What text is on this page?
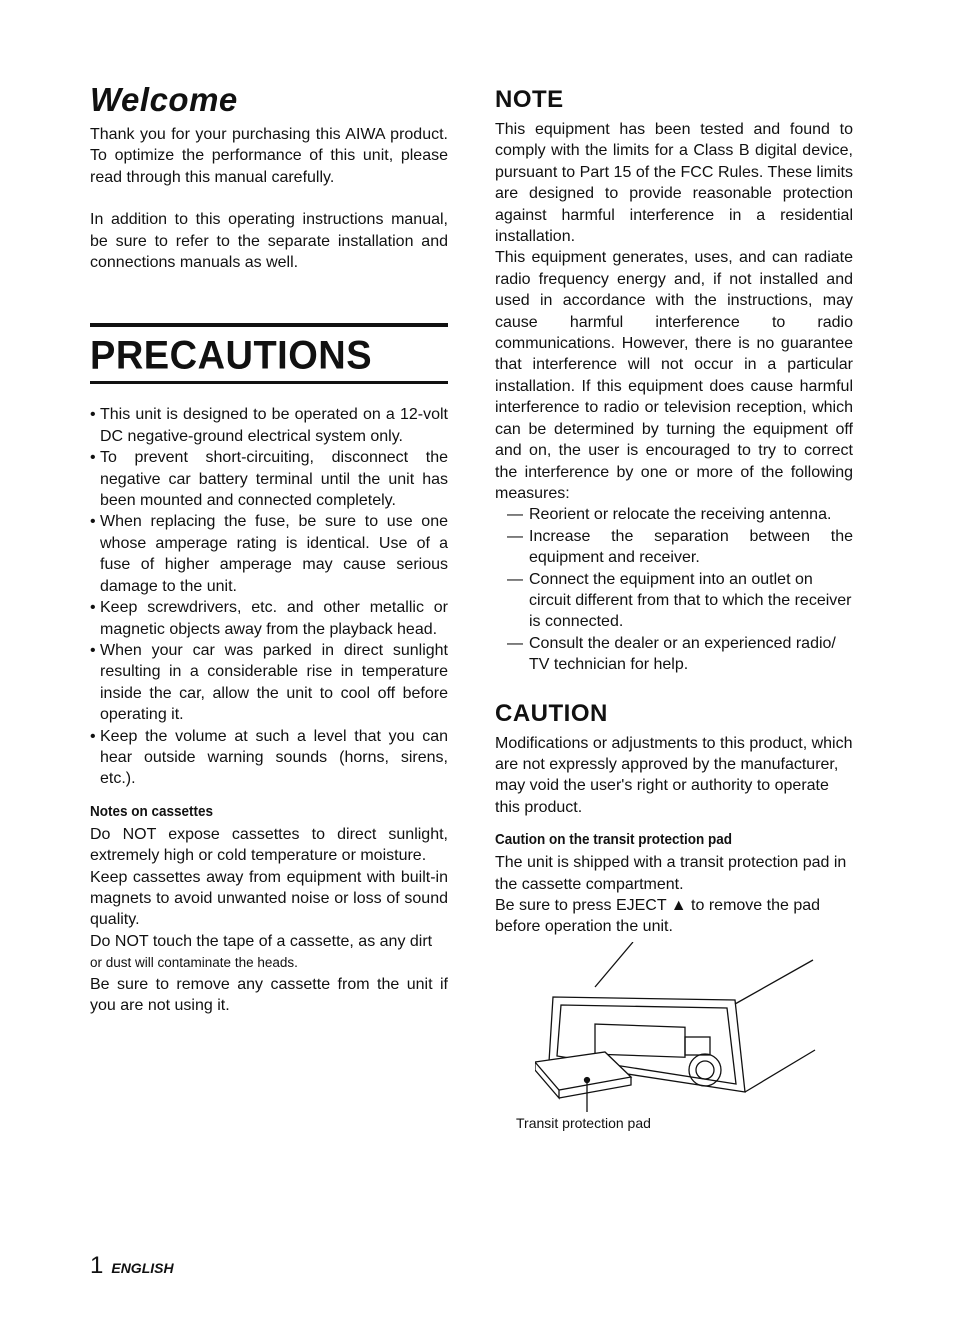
Welcome

Thank you for your purchasing this AIWA product. To optimize the performance of this unit, please read through this manual carefully.

In addition to this operating instructions manual, be sure to refer to the separate installation and connections manuals as well.

PRECAUTIONS
• This unit is designed to be operated on a 12-volt DC negative-ground electrical system only.
• To prevent short-circuiting, disconnect the negative car battery terminal until the unit has been mounted and connected completely.
• When replacing the fuse, be sure to use one whose amperage rating is identical. Use of a fuse of higher amperage may cause serious damage to the unit.
• Keep screwdrivers, etc. and other metallic or magnetic objects away from the playback head.
• When your car was parked in direct sunlight resulting in a considerable rise in temperature inside the car, allow the unit to cool off before operating it.
• Keep the volume at such a level that you can hear outside warning sounds (horns, sirens, etc.).
Notes on cassettes

Do NOT expose cassettes to direct sunlight, extremely high or cold temperature or moisture.

Keep cassettes away from equipment with built-in magnets to avoid unwanted noise or loss of sound quality.

Do NOT touch the tape of a cassette, as any dirt

or dust will contaminate the heads.

Be sure to remove any cassette from the unit if you are not using it.

NOTE

This equipment has been tested and found to comply with the limits for a Class B digital device, pursuant to Part 15 of the FCC Rules. These limits are designed to provide reasonable protection against harmful interference in a residential installation.

This equipment generates, uses, and can radiate radio frequency energy and, if not installed and used in accordance with the instructions, may cause harmful interference to radio communications. However, there is no guarantee that interference will not occur in a particular installation. If this equipment does cause harmful interference to radio or television reception, which can be determined by turning the equipment off and on, the user is encouraged to try to correct the interference by one or more of the following measures:

— Reorient or relocate the receiving antenna.
— Increase the separation between the equipment and receiver.
— Connect the equipment into an outlet on circuit different from that to which the receiver is connected.
— Consult the dealer or an experienced radio/ TV technician for help.
CAUTION

Modifications or adjustments to this product, which are not expressly approved by the manufacturer, may void the user's right or authority to operate this product.

Caution on the transit protection pad

The unit is shipped with a transit protection pad in the cassette compartment.

Be sure to press EJECT ▲ to remove the pad before operation the unit.

Transit protection pad
1 ENGLISH
